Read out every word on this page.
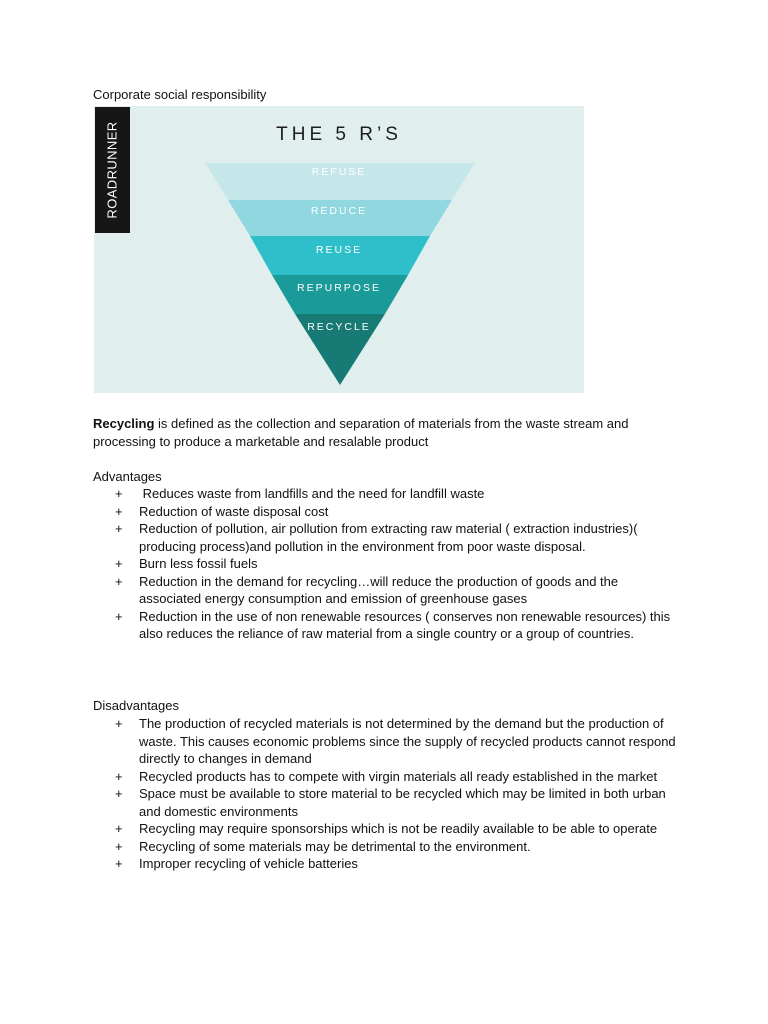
Corporate social responsibility
ROADRUNNER	THE 5 R’S
REFUSE
REDUCE
REUSE
REPURPOSE
RECYCLE
Recycling is defined as the collection and separation of materials from the waste stream and processing to produce a marketable and resalable product
Advantages
+ Reduces waste from landfills and the need for landfill waste
+ Reduction of waste disposal cost
+ Reduction of pollution, air pollution from extracting raw material ( extraction industries)( producing process)and pollution in the environment from poor waste disposal.
+ Burn less fossil fuels
+ Reduction in the demand for recycling…will reduce the production of goods and the associated energy consumption and emission of greenhouse gases
+ Reduction in the use of non renewable resources ( conserves non renewable resources) this also reduces the reliance of raw material from a single country or a group of countries.
Disadvantages
+ The production of recycled materials is not determined by the demand but the production of waste. This causes economic problems since the supply of recycled products cannot respond directly to changes in demand
+ Recycled products has to compete with virgin materials all ready established in the market
+ Space must be available to store material to be recycled which may be limited in both urban and domestic environments
+ Recycling may require sponsorships which is not be readily available to be able to operate
+ Recycling of some materials may be detrimental to the environment.
+ Improper recycling of vehicle batteries
